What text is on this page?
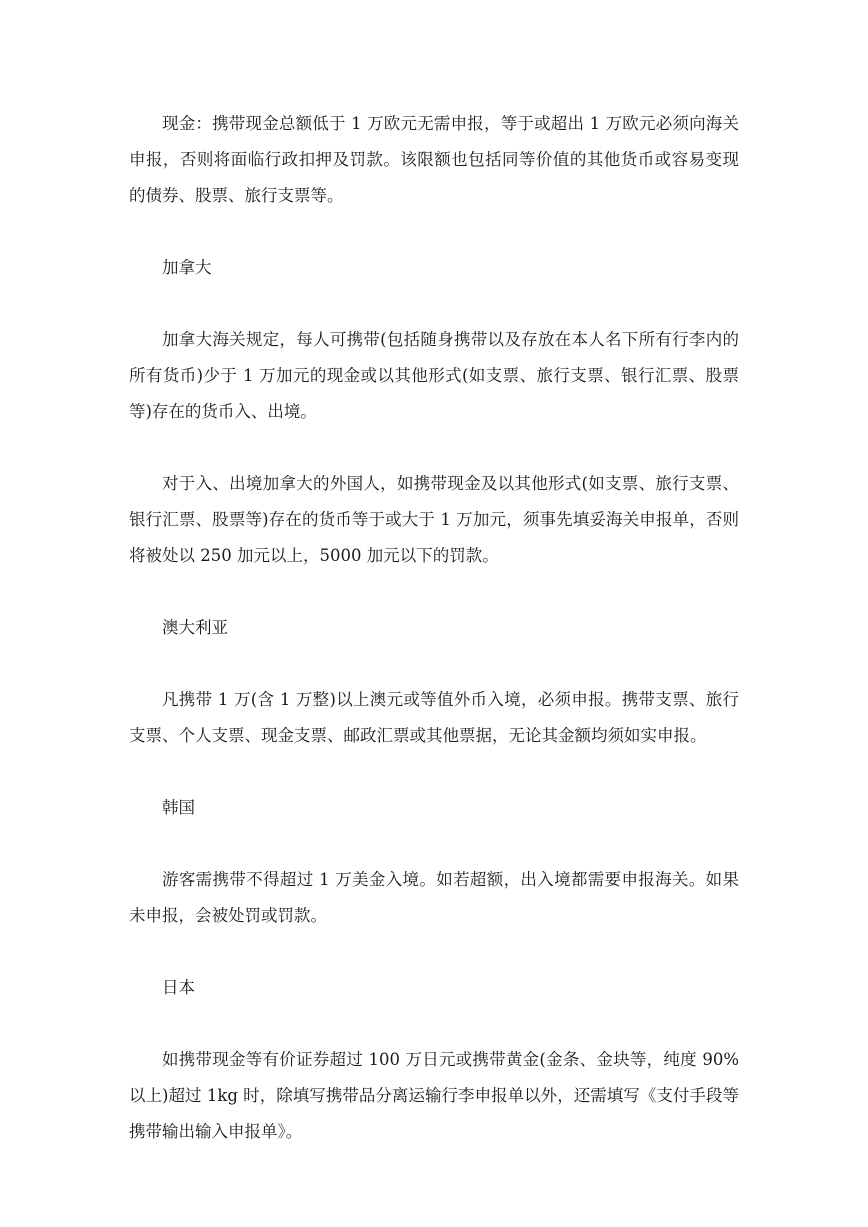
现金：携带现金总额低于 1 万欧元无需申报，等于或超出 1 万欧元必须向海关申报，否则将面临行政扣押及罚款。该限额也包括同等价值的其他货币或容易变现的债券、股票、旅行支票等。

加拿大

加拿大海关规定，每人可携带(包括随身携带以及存放在本人名下所有行李内的所有货币)少于 1 万加元的现金或以其他形式(如支票、旅行支票、银行汇票、股票等)存在的货币入、出境。

对于入、出境加拿大的外国人，如携带现金及以其他形式(如支票、旅行支票、银行汇票、股票等)存在的货币等于或大于 1 万加元，须事先填妥海关申报单，否则将被处以 250 加元以上，5000 加元以下的罚款。

澳大利亚

凡携带 1 万(含 1 万整)以上澳元或等值外币入境，必须申报。携带支票、旅行支票、个人支票、现金支票、邮政汇票或其他票据，无论其金额均须如实申报。

韩国

游客需携带不得超过 1 万美金入境。如若超额，出入境都需要申报海关。如果未申报，会被处罚或罚款。

日本

如携带现金等有价证券超过 100 万日元或携带黄金(金条、金块等，纯度 90%以上)超过 1kg 时，除填写携带品分离运输行李申报单以外，还需填写《支付手段等携带输出输入申报单》。
